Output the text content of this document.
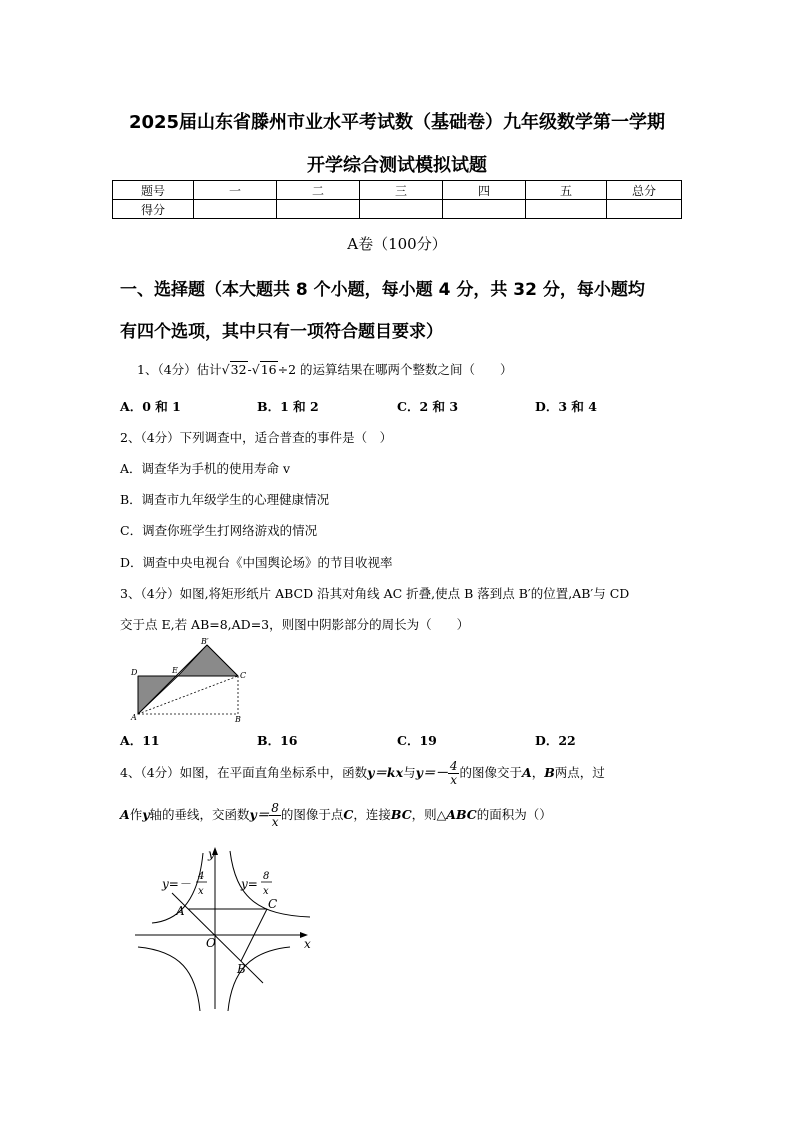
2025届山东省滕州市业水平考试数（基础卷）九年级数学第一学期
开学综合测试模拟试题
题号	一	二	三	四	五	总分
得分						
A卷（100分）
一、选择题（本大题共 8 个小题，每小题 4 分，共 32 分，每小题均
有四个选项，其中只有一项符合题目要求）
1、（4分）估计√32-√16÷2 的运算结果在哪两个整数之间（　　）
A．0 和 1	B．1 和 2	C．2 和 3	D．3 和 4
2、（4分）下列调查中，适合普查的事件是（　）
A．调查华为手机的使用寿命 v
B．调查市九年级学生的心理健康情况
C．调查你班学生打网络游戏的情况
D．调查中央电视台《中国舆论场》的节目收视率
3、（4分）如图,将矩形纸片 ABCD 沿其对角线 AC 折叠,使点 B 落到点 B′的位置,AB′与 CD
交于点 E,若 AB=8,AD=3，则图中阴影部分的周长为（　　）
D	E
B′
C
A	B
A．11	B．16	C．19	D．22
4、（4分）如图，在平面直角坐标系中，函数y＝kx与$y=- \frac{4}{x}$ 的图像交于A，B两点，过
A作y轴的垂线，交函数$y= \frac{8}{x}$ 的图像于点C，连接BC，则△ABC的面积为（）
y
x
O
A
B
C
y=－
4
x
y=
8
x
